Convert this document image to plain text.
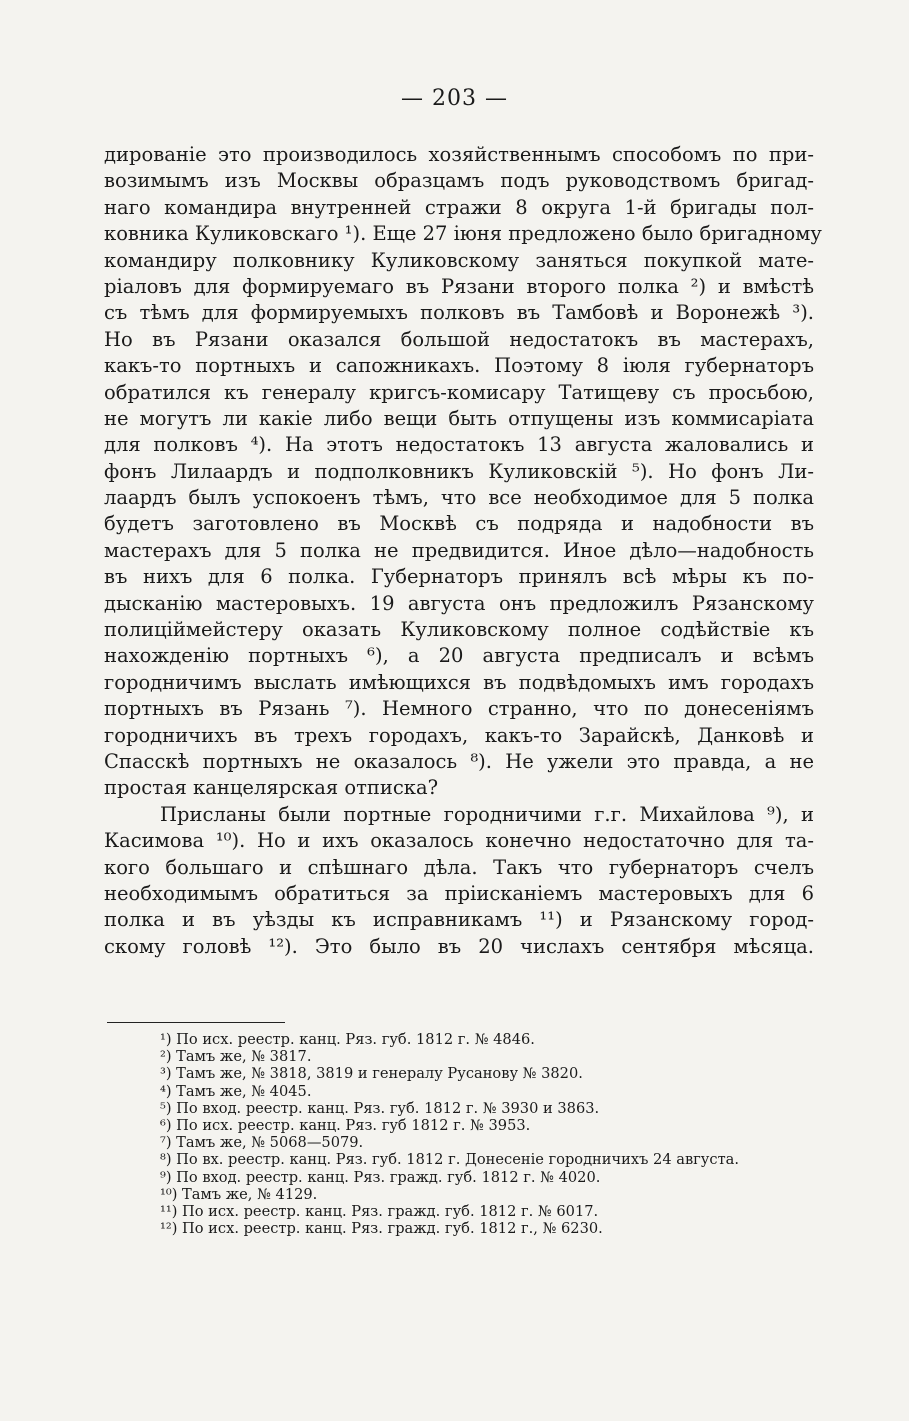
— 203 —
дированіе это производилось хозяйственнымъ способомъ по при-
возимымъ изъ Москвы образцамъ подъ руководствомъ бригад-
наго командира внутренней стражи 8 округа 1-й бригады пол-
ковника Куликовскаго ¹). Еще 27 іюня предложено было бригадному
командиру полковнику Куликовскому заняться покупкой мате-
ріаловъ для формируемаго въ Рязани второго полка ²) и вмѣстѣ
съ тѣмъ для формируемыхъ полковъ въ Тамбовѣ и Воронежѣ ³).
Но въ Рязани оказался большой недостатокъ въ мастерахъ,
какъ-то портныхъ и сапожникахъ. Поэтому 8 іюля губернаторъ
обратился къ генералу кригсъ-комисару Татищеву съ просьбою,
не могутъ ли какіе либо вещи быть отпущены изъ коммисаріата
для полковъ ⁴). На этотъ недостатокъ 13 августа жаловались и
фонъ Лилаардъ и подполковникъ Куликовскій ⁵). Но фонъ Ли-
лаардъ былъ успокоенъ тѣмъ, что все необходимое для 5 полка
будетъ заготовлено въ Москвѣ съ подряда и надобности въ
мастерахъ для 5 полка не предвидится. Иное дѣло—надобность
въ нихъ для 6 полка. Губернаторъ принялъ всѣ мѣры къ по-
дысканію мастеровыхъ. 19 августа онъ предложилъ Рязанскому
полиціймейстеру оказать Куликовскому полное содѣйствіе къ
нахожденію портныхъ ⁶), а 20 августа предписалъ и всѣмъ
городничимъ выслать имѣющихся въ подвѣдомыхъ имъ городахъ
портныхъ въ Рязань ⁷). Немного странно, что по донесеніямъ
городничихъ въ трехъ городахъ, какъ-то Зарайскѣ, Данковѣ и
Спасскѣ портныхъ не оказалось ⁸). Не ужели это правда, а не
простая канцелярская отписка?
Присланы были портные городничими г.г. Михайлова ⁹), и
Касимова ¹⁰). Но и ихъ оказалось конечно недостаточно для та-
кого большаго и спѣшнаго дѣла. Такъ что губернаторъ счелъ
необходимымъ обратиться за пріисканіемъ мастеровыхъ для 6
полка и въ уѣзды къ исправникамъ ¹¹) и Рязанскому город-
скому головѣ ¹²). Это было въ 20 числахъ сентября мѣсяца.
¹) По исх. реестр. канц. Ряз. губ. 1812 г. № 4846.
²) Тамъ же, № 3817.
³) Тамъ же, № 3818, 3819 и генералу Русанову № 3820.
⁴) Тамъ же, № 4045.
⁵) По вход. реестр. канц. Ряз. губ. 1812 г. № 3930 и 3863.
⁶) По исх. реестр. канц. Ряз. губ 1812 г. № 3953.
⁷) Тамъ же, № 5068—5079.
⁸) По вх. реестр. канц. Ряз. губ. 1812 г. Донесеніе городничихъ 24 августа.
⁹) По вход. реестр. канц. Ряз. гражд. губ. 1812 г. № 4020.
¹⁰) Тамъ же, № 4129.
¹¹) По исх. реестр. канц. Ряз. гражд. губ. 1812 г. № 6017.
¹²) По исх. реестр. канц. Ряз. гражд. губ. 1812 г., № 6230.
